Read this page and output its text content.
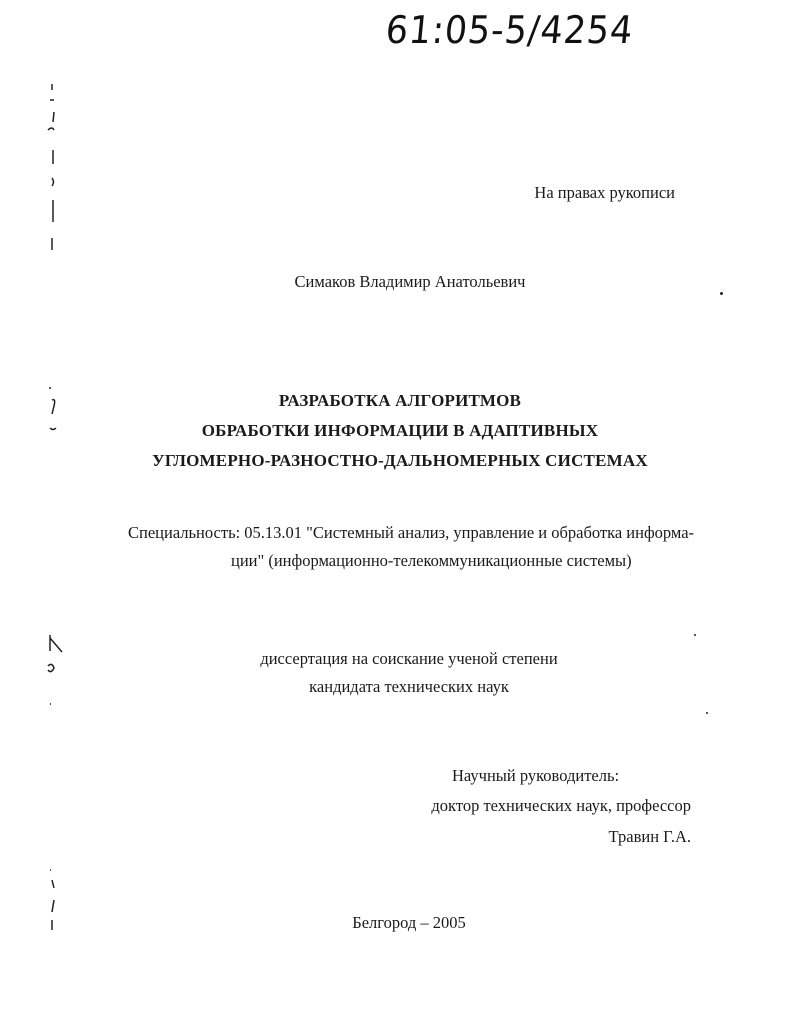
61:05-5/4254
На правах рукописи
Симаков Владимир Анатольевич
РАЗРАБОТКА АЛГОРИТМОВ
ОБРАБОТКИ ИНФОРМАЦИИ В АДАПТИВНЫХ
УГЛОМЕРНО-РАЗНОСТНО-ДАЛЬНОМЕРНЫХ СИСТЕМАХ
Специальность: 05.13.01 "Системный анализ, управление и обработка информа-
ции" (информационно-телекоммуникационные системы)
диссертация на соискание ученой степени
кандидата технических наук
Научный руководитель:
доктор технических наук, профессор
Травин Г.А.
Белгород – 2005
